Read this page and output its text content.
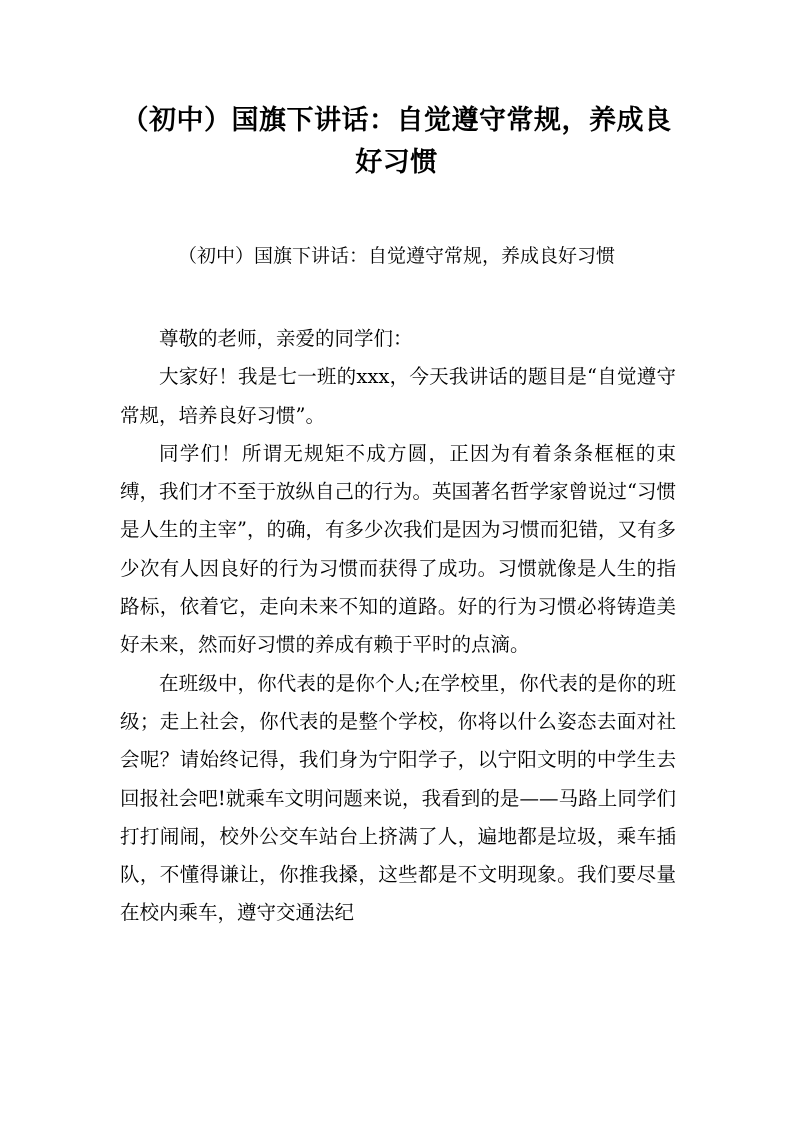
（初中）国旗下讲话：自觉遵守常规，养成良好习惯
（初中）国旗下讲话：自觉遵守常规，养成良好习惯

尊敬的老师，亲爱的同学们：

大家好！我是七一班的xxx，今天我讲话的题目是“自觉遵守常规，培养良好习惯”。

同学们！所谓无规矩不成方圆，正因为有着条条框框的束缚，我们才不至于放纵自己的行为。英国著名哲学家曾说过“习惯是人生的主宰”，的确，有多少次我们是因为习惯而犯错，又有多少次有人因良好的行为习惯而获得了成功。习惯就像是人生的指路标，依着它，走向未来不知的道路。好的行为习惯必将铸造美好未来，然而好习惯的养成有赖于平时的点滴。

在班级中，你代表的是你个人;在学校里，你代表的是你的班级；走上社会，你代表的是整个学校，你将以什么姿态去面对社会呢？请始终记得，我们身为宁阳学子，以宁阳文明的中学生去回报社会吧!就乘车文明问题来说，我看到的是——马路上同学们打打闹闹，校外公交车站台上挤满了人，遍地都是垃圾，乘车插队，不懂得谦让，你推我搡，这些都是不文明现象。我们要尽量在校内乘车，遵守交通法纪
